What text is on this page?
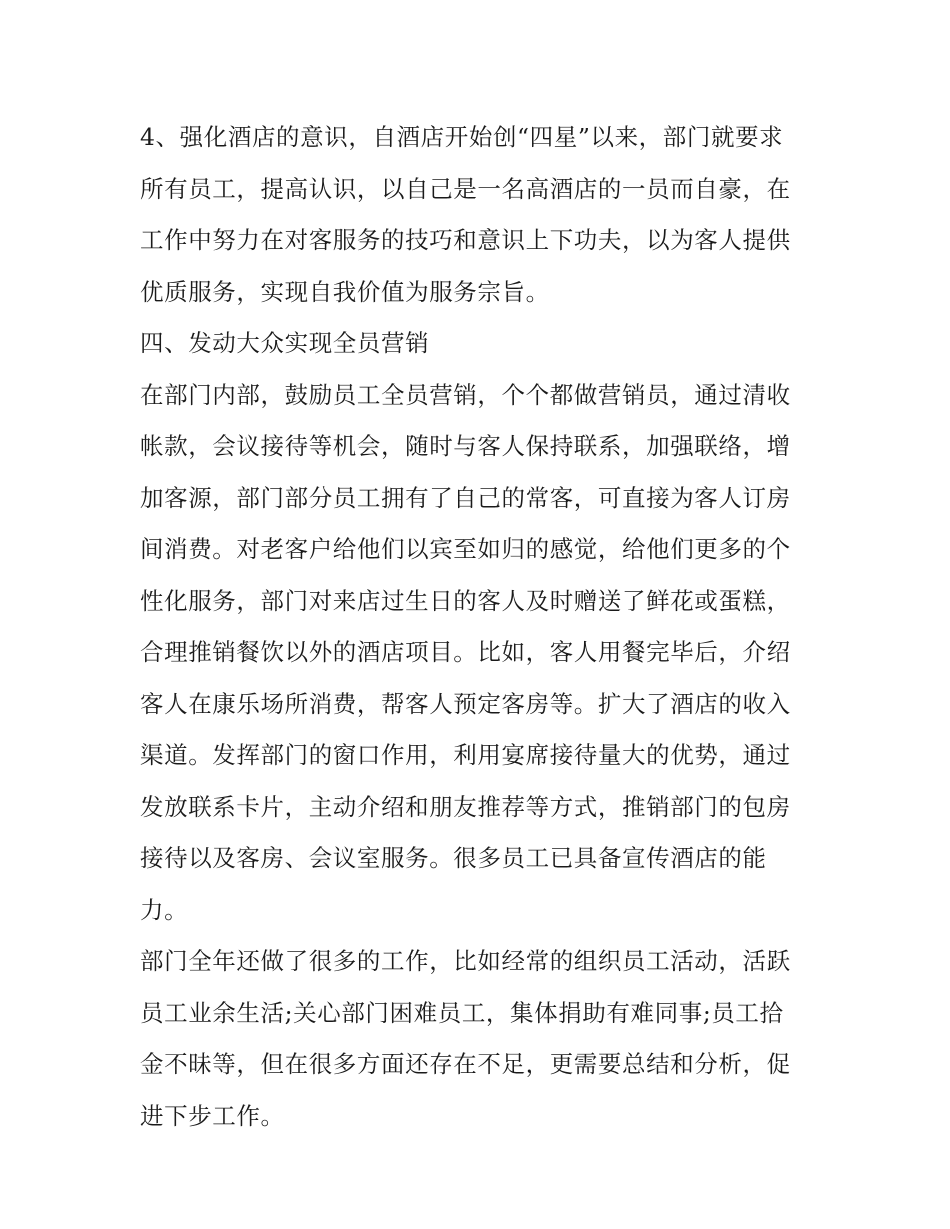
4、强化酒店的意识，自酒店开始创“四星”以来，部门就要求
所有员工，提高认识，以自己是一名高酒店的一员而自豪，在
工作中努力在对客服务的技巧和意识上下功夫，以为客人提供
优质服务，实现自我价值为服务宗旨。
四、发动大众实现全员营销
在部门内部，鼓励员工全员营销，个个都做营销员，通过清收
帐款，会议接待等机会，随时与客人保持联系，加强联络，增
加客源，部门部分员工拥有了自己的常客，可直接为客人订房
间消费。对老客户给他们以宾至如归的感觉，给他们更多的个
性化服务，部门对来店过生日的客人及时赠送了鲜花或蛋糕，
合理推销餐饮以外的酒店项目。比如，客人用餐完毕后，介绍
客人在康乐场所消费，帮客人预定客房等。扩大了酒店的收入
渠道。发挥部门的窗口作用，利用宴席接待量大的优势，通过
发放联系卡片，主动介绍和朋友推荐等方式，推销部门的包房
接待以及客房、会议室服务。很多员工已具备宣传酒店的能
力。
部门全年还做了很多的工作，比如经常的组织员工活动，活跃
员工业余生活;关心部门困难员工，集体捐助有难同事;员工拾
金不昧等，但在很多方面还存在不足，更需要总结和分析，促
进下步工作。
